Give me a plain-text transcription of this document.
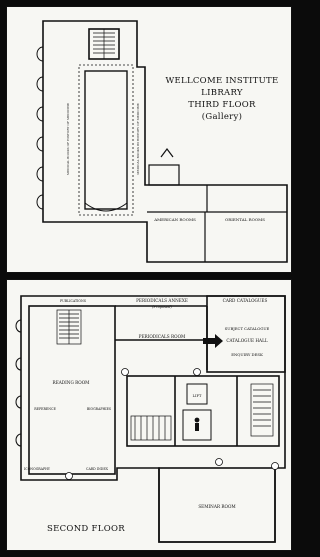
MEDICAL BOOKS OF HISTORY OF MEDICINE	MEDICAL BOOKS IN HISTORY OF MEDICINE
AMERICAN ROOMS	ORIENTAL ROOMS
WELLCOME INSTITUTE
LIBRARY
THIRD FLOOR
(Gallery)
PERIODICALS ANNEXE
(Proposed)
CARD CATALOGUES
PERIODICALS ROOM
SUBJECT CATALOGUE
CATALOGUE HALL
ENQUIRY DESK
READING ROOM
REFERENCE	BIOGRAPHIES
PUBLICATIONS
ICONOGRAPHY	CARD INDEX
LIFT
SEMINAR ROOM
SECOND FLOOR
